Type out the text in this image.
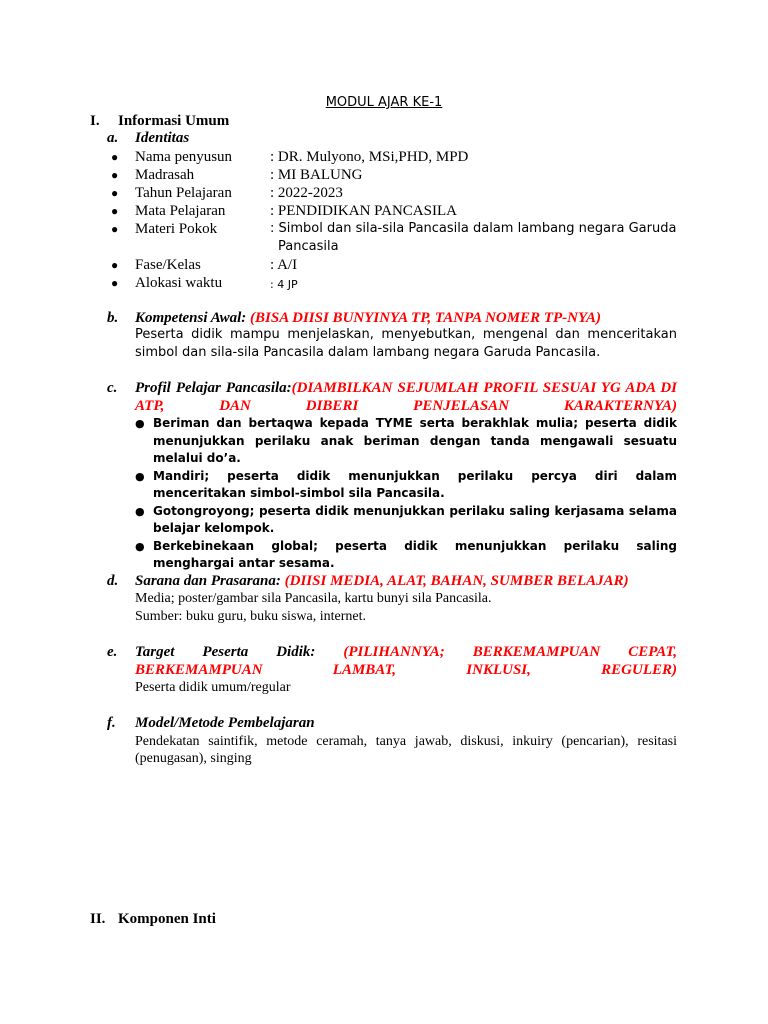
MODUL AJAR KE-1
I. Informasi Umum
a. Identitas
● Nama penyusun	: DR. Mulyono, MSi,PHD, MPD
● Madrasah	: MI BALUNG
● Tahun Pelajaran	: 2022-2023
● Mata Pelajaran	: PENDIDIKAN PANCASILA
● Materi Pokok	: Simbol dan sila-sila Pancasila dalam lambang negara Garuda
Pancasila
● Fase/Kelas	: A/I
● Alokasi waktu	: 4 JP
b. Kompetensi Awal: (BISA DIISI BUNYINYA TP, TANPA NOMER TP-NYA)
Peserta didik mampu menjelaskan, menyebutkan, mengenal dan menceritakan simbol dan sila-sila Pancasila dalam lambang negara Garuda Pancasila.
c. Profil Pelajar Pancasila:(DIAMBILKAN SEJUMLAH PROFIL SESUAI YG ADA DI ATP, DAN DIBERI PENJELASAN KARAKTERNYA)
● Beriman dan bertaqwa kepada TYME serta berakhlak mulia; peserta didik menunjukkan perilaku anak beriman dengan tanda mengawali sesuatu melalui do’a.
● Mandiri; peserta didik menunjukkan perilaku percya diri dalam menceritakan simbol-simbol sila Pancasila.
● Gotongroyong; peserta didik menunjukkan perilaku saling kerjasama selama belajar kelompok.
● Berkebinekaan global; peserta didik menunjukkan perilaku saling menghargai antar sesama.
d. Sarana dan Prasarana: (DIISI MEDIA, ALAT, BAHAN, SUMBER BELAJAR)
Media; poster/gambar sila Pancasila, kartu bunyi sila Pancasila.
Sumber: buku guru, buku siswa, internet.
e. Target Peserta Didik: (PILIHANNYA; BERKEMAMPUAN CEPAT, BERKEMAMPUAN LAMBAT, INKLUSI, REGULER)
Peserta didik umum/regular
f. Model/Metode Pembelajaran
Pendekatan saintifik, metode ceramah, tanya jawab, diskusi, inkuiry (pencarian), resitasi (penugasan), singing
II. Komponen Inti
